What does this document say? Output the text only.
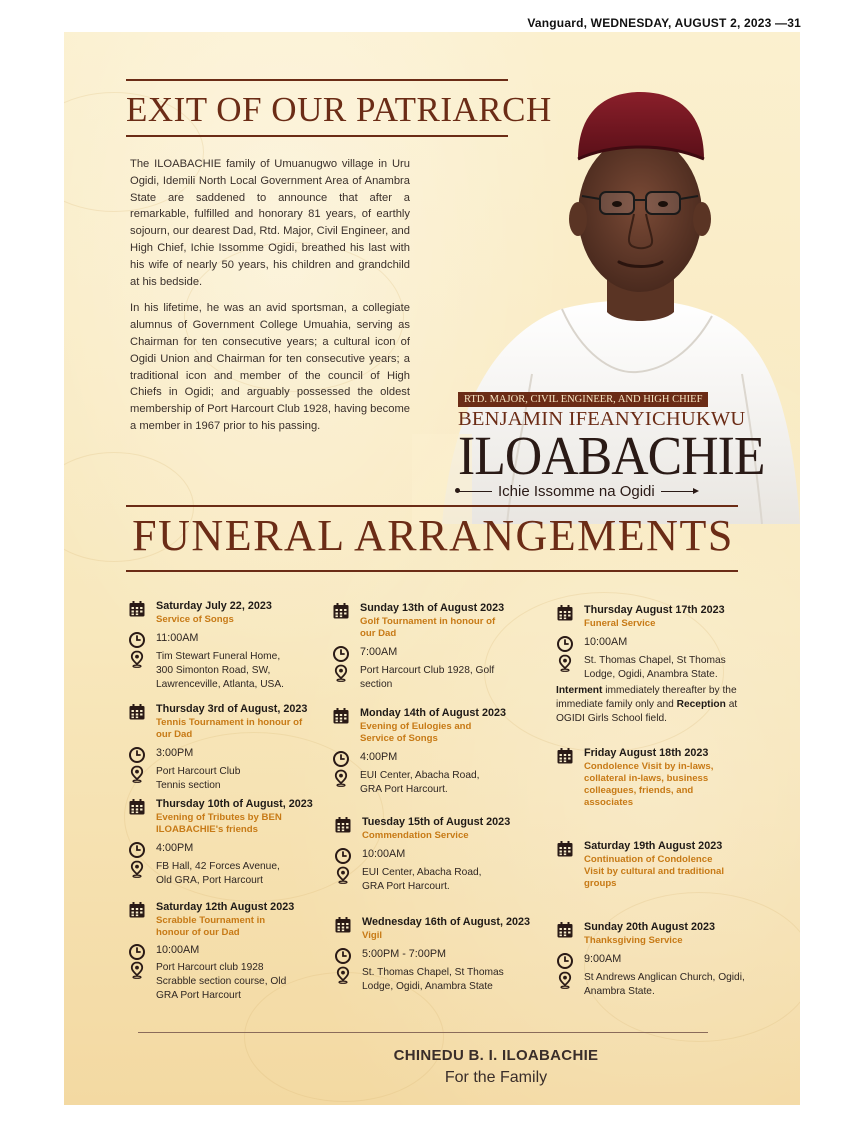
Vanguard, WEDNESDAY, AUGUST 2, 2023 —31
EXIT OF OUR PATRIARCH

The ILOABACHIE family of Umuanugwo village in Uru Ogidi, Idemili North Local Government Area of Anambra State are saddened to announce that after a remarkable, fulfilled and honorary 81 years, of earthly sojourn, our dearest Dad, Rtd. Major, Civil Engineer, and High Chief, Ichie Issomme Ogidi, breathed his last with his wife of nearly 50 years, his children and grandchild at his bedside.

In his lifetime, he was an avid sportsman, a collegiate alumnus of Government College Umuahia, serving as Chairman for ten consecutive years; a cultural icon of Ogidi Union and Chairman for ten consecutive years; a traditional icon and member of the council of High Chiefs in Ogidi; and arguably possessed the oldest membership of Port Harcourt Club 1928, having become a member in 1967 prior to his passing.

RTD. MAJOR, CIVIL ENGINEER, AND HIGH CHIEF
BENJAMIN IFEANYICHUKWU
ILOABACHIE
Ichie Issomme na Ogidi
FUNERAL ARRANGEMENTS
Saturday July 22, 2023
Service of Songs
11:00AM
Tim Stewart Funeral Home, 300 Simonton Road, SW, Lawrenceville, Atlanta, USA.
Thursday 3rd of August, 2023
Tennis Tournament in honour of our Dad
3:00PM
Port Harcourt Club Tennis section
Thursday 10th of August, 2023
Evening of Tributes by BEN ILOABACHIE's friends
4:00PM
FB Hall, 42 Forces Avenue, Old GRA, Port Harcourt
Saturday 12th August 2023
Scrabble Tournament in honour of our Dad
10:00AM
Port Harcourt club 1928 Scrabble section course, Old GRA Port Harcourt
Sunday 13th of August 2023
Golf Tournament in honour of our Dad
7:00AM
Port Harcourt Club 1928, Golf section
Monday 14th of August 2023
Evening of Eulogies and Service of Songs
4:00PM
EUI Center, Abacha Road, GRA Port Harcourt.
Tuesday 15th of August 2023
Commendation Service
10:00AM
EUI Center, Abacha Road, GRA Port Harcourt.
Wednesday 16th of August, 2023
Vigil
5:00PM - 7:00PM
St. Thomas Chapel, St Thomas Lodge, Ogidi, Anambra State
Thursday August 17th 2023
Funeral Service
10:00AM
St. Thomas Chapel, St Thomas Lodge, Ogidi, Anambra State.
Interment immediately thereafter by the immediate family only and Reception at OGIDI Girls School field.
Friday August 18th 2023
Condolence Visit by in-laws, collateral in-laws, business colleagues, friends, and associates
Saturday 19th August 2023
Continuation of Condolence Visit by cultural and traditional groups
Sunday 20th August 2023
Thanksgiving Service
9:00AM
St Andrews Anglican Church, Ogidi, Anambra State.
CHINEDU B. I. ILOABACHIE
For the Family
